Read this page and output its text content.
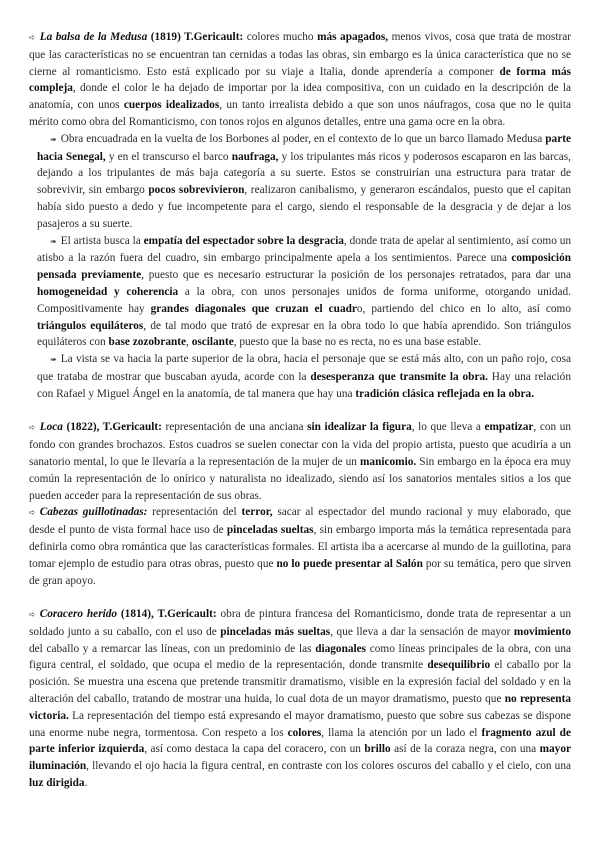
➪ La balsa de la Medusa (1819) T.Gericault: colores mucho más apagados, menos vivos, cosa que trata de mostrar que las características no se encuentran tan cernidas a todas las obras, sin embargo es la única característica que no se cierne al romanticismo. Esto está explicado por su viaje a Italia, donde aprendería a componer de forma más compleja, donde el color le ha dejado de importar por la idea compositiva, con un cuidado en la descripción de la anatomía, con unos cuerpos idealizados, un tanto irrealista debido a que son unos náufragos, cosa que no le quita mérito como obra del Romanticismo, con tonos rojos en algunos detalles, entre una gama ocre en la obra.

➠ Obra encuadrada en la vuelta de los Borbones al poder, en el contexto de lo que un barco llamado Medusa parte hacia Senegal, y en el transcurso el barco naufraga, y los tripulantes más ricos y poderosos escaparon en las barcas, dejando a los tripulantes de más baja categoría a su suerte. Estos se construirían una estructura para tratar de sobrevivir, sin embargo pocos sobrevivieron, realizaron canibalismo, y generaron escándalos, puesto que el capitan había sido puesto a dedo y fue incompetente para el cargo, siendo el responsable de la desgracia y de dejar a los pasajeros a su suerte.

➠ El artista busca la empatía del espectador sobre la desgracia, donde trata de apelar al sentimiento, así como un atisbo a la razón fuera del cuadro, sin embargo principalmente apela a los sentimientos. Parece una composición pensada previamente, puesto que es necesario estructurar la posición de los personajes retratados, para dar una homogeneidad y coherencia a la obra, con unos personajes unidos de forma uniforme, otorgando unidad. Compositivamente hay grandes diagonales que cruzan el cuadro, partiendo del chico en lo alto, así como triángulos equiláteros, de tal modo que trató de expresar en la obra todo lo que había aprendido. Son triángulos equiláteros con base zozobrante, oscilante, puesto que la base no es recta, no es una base estable.

➠ La vista se va hacia la parte superior de la obra, hacia el personaje que se está más alto, con un paño rojo, cosa que trataba de mostrar que buscaban ayuda, acorde con la desesperanza que transmite la obra. Hay una relación con Rafael y Miguel Ángel en la anatomía, de tal manera que hay una tradición clásica reflejada en la obra.

➪ Loca (1822), T.Gericault: representación de una anciana sin idealizar la figura, lo que lleva a empatizar, con un fondo con grandes brochazos. Estos cuadros se suelen conectar con la vida del propio artista, puesto que acudiría a un sanatorio mental, lo que le llevaría a la representación de la mujer de un manicomio. Sin embargo en la época era muy común la representación de lo onírico y naturalista no idealizado, siendo así los sanatorios mentales sitios a los que pueden acceder para la representación de sus obras.

➪ Cabezas guillotinadas: representación del terror, sacar al espectador del mundo racional y muy elaborado, que desde el punto de vista formal hace uso de pinceladas sueltas, sin embargo importa más la temática representada para definirla como obra romántica que las características formales. El artista iba a acercarse al mundo de la guillotina, para tomar ejemplo de estudio para otras obras, puesto que no lo puede presentar al Salón por su temática, pero que sirven de gran apoyo.

➪ Coracero herido (1814), T.Gericault: obra de pintura francesa del Romanticismo, donde trata de representar a un soldado junto a su caballo, con el uso de pinceladas más sueltas, que lleva a dar la sensación de mayor movimiento del caballo y a remarcar las líneas, con un predominio de las diagonales como líneas principales de la obra, con una figura central, el soldado, que ocupa el medio de la representación, donde transmite desequilibrio el caballo por la posición. Se muestra una escena que pretende transmitir dramatismo, visible en la expresión facial del soldado y en la alteración del caballo, tratando de mostrar una huida, lo cual dota de un mayor dramatismo, puesto que no representa victoria. La representación del tiempo está expresando el mayor dramatismo, puesto que sobre sus cabezas se dispone una enorme nube negra, tormentosa. Con respeto a los colores, llama la atención por un lado el fragmento azul de parte inferior izquierda, así como destaca la capa del coracero, con un brillo así de la coraza negra, con una mayor iluminación, llevando el ojo hacia la figura central, en contraste con los colores oscuros del caballo y el cielo, con una luz dirigida.
